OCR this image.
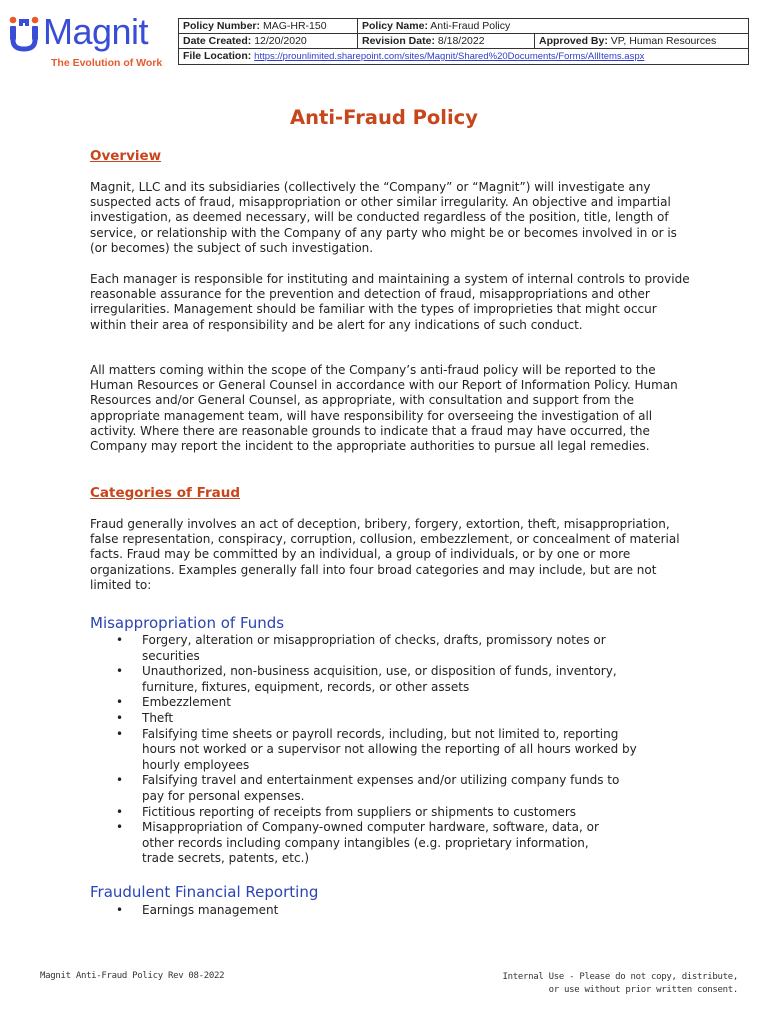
Magnit
The Evolution of Work
Policy Number: MAG-HR-150	Policy Name: Anti-Fraud Policy	
Date Created: 12/20/2020	Revision Date: 8/18/2022	Approved By: VP, Human Resources
File Location: https://prounlimited.sharepoint.com/sites/Magnit/Shared%20Documents/Forms/AllItems.aspx		
Anti-Fraud Policy
Overview

Magnit, LLC and its subsidiaries (collectively the “Company” or “Magnit”) will investigate any suspected acts of fraud, misappropriation or other similar irregularity. An objective and impartial investigation, as deemed necessary, will be conducted regardless of the position, title, length of service, or relationship with the Company of any party who might be or becomes involved in or is (or becomes) the subject of such investigation.

Each manager is responsible for instituting and maintaining a system of internal controls to provide reasonable assurance for the prevention and detection of fraud, misappropriations and other irregularities. Management should be familiar with the types of improprieties that might occur within their area of responsibility and be alert for any indications of such conduct.

All matters coming within the scope of the Company’s anti-fraud policy will be reported to the Human Resources or General Counsel in accordance with our Report of Information Policy. Human Resources and/or General Counsel, as appropriate, with consultation and support from the appropriate management team, will have responsibility for overseeing the investigation of all activity. Where there are reasonable grounds to indicate that a fraud may have occurred, the Company may report the incident to the appropriate authorities to pursue all legal remedies.

Categories of Fraud

Fraud generally involves an act of deception, bribery, forgery, extortion, theft, misappropriation, false representation, conspiracy, corruption, collusion, embezzlement, or concealment of material facts. Fraud may be committed by an individual, a group of individuals, or by one or more organizations. Examples generally fall into four broad categories and may include, but are not limited to:

Misappropriation of Funds
• Forgery, alteration or misappropriation of checks, drafts, promissory notes or
securities
• Unauthorized, non-business acquisition, use, or disposition of funds, inventory,
furniture, fixtures, equipment, records, or other assets
• Embezzlement
• Theft
• Falsifying time sheets or payroll records, including, but not limited to, reporting
hours not worked or a supervisor not allowing the reporting of all hours worked by
hourly employees
• Falsifying travel and entertainment expenses and/or utilizing company funds to
pay for personal expenses.
• Fictitious reporting of receipts from suppliers or shipments to customers
• Misappropriation of Company-owned computer hardware, software, data, or
other records including company intangibles (e.g. proprietary information,
trade secrets, patents, etc.)
Fraudulent Financial Reporting
• Earnings management
Magnit Anti-Fraud Policy Rev 08-2022	Internal Use - Please do not copy, distribute,
or use without prior written consent.
